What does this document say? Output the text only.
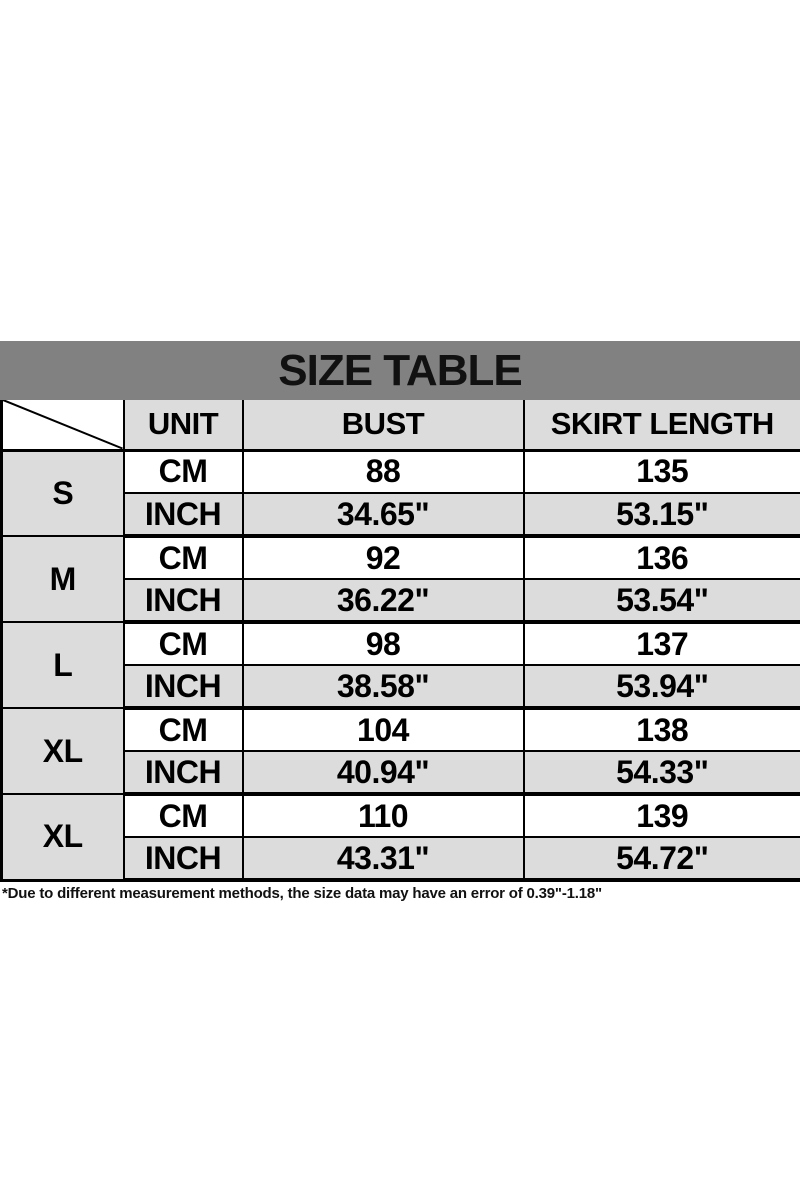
SIZE TABLE
	UNIT	BUST	SKIRT LENGTH
S	CM	88	135
	INCH	34.65"	53.15"
M	CM	92	136
	INCH	36.22"	53.54"
L	CM	98	137
	INCH	38.58"	53.94"
XL	CM	104	138
	INCH	40.94"	54.33"
XL	CM	110	139
	INCH	43.31"	54.72"
*Due to different measurement methods, the size data may have an error of 0.39"-1.18"
